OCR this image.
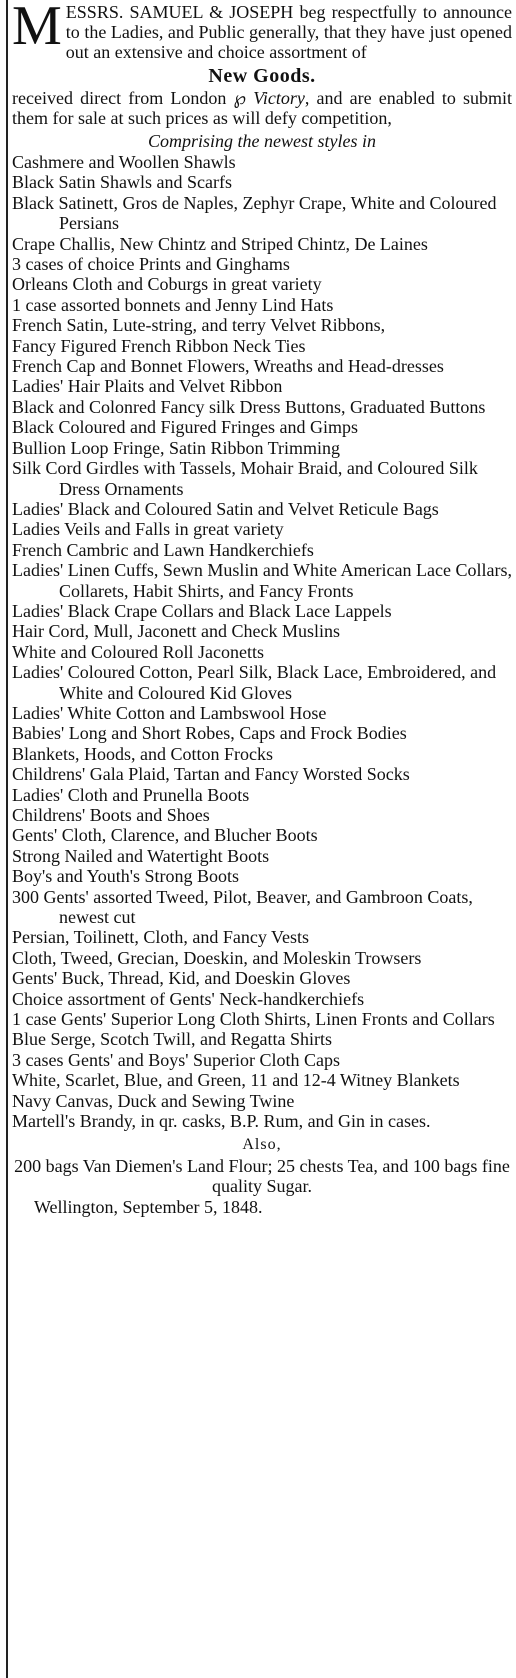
MESSRS. SAMUEL & JOSEPH beg respectfully to announce to the Ladies, and Public generally, that they have just opened out an extensive and choice assortment of
New Goods.
received direct from London ℘ Victory, and are enabled to submit them for sale at such prices as will defy competition,
Comprising the newest styles in
Cashmere and Woollen Shawls
Black Satin Shawls and Scarfs
Black Satinett, Gros de Naples, Zephyr Crape, White and Coloured Persians
Crape Challis, New Chintz and Striped Chintz, De Laines
3 cases of choice Prints and Ginghams
Orleans Cloth and Coburgs in great variety
1 case assorted bonnets and Jenny Lind Hats
French Satin, Lute-string, and terry Velvet Ribbons,
Fancy Figured French Ribbon Neck Ties
French Cap and Bonnet Flowers, Wreaths and Head-dresses
Ladies' Hair Plaits and Velvet Ribbon
Black and Colonred Fancy silk Dress Buttons, Graduated Buttons
Black Coloured and Figured Fringes and Gimps
Bullion Loop Fringe, Satin Ribbon Trimming
Silk Cord Girdles with Tassels, Mohair Braid, and Coloured Silk Dress Ornaments
Ladies' Black and Coloured Satin and Velvet Reticule Bags
Ladies Veils and Falls in great variety
French Cambric and Lawn Handkerchiefs
Ladies' Linen Cuffs, Sewn Muslin and White American Lace Collars, Collarets, Habit Shirts, and Fancy Fronts
Ladies' Black Crape Collars and Black Lace Lappels
Hair Cord, Mull, Jaconett and Check Muslins
White and Coloured Roll Jaconetts
Ladies' Coloured Cotton, Pearl Silk, Black Lace, Embroidered, and White and Coloured Kid Gloves
Ladies' White Cotton and Lambswool Hose
Babies' Long and Short Robes, Caps and Frock Bodies
Blankets, Hoods, and Cotton Frocks
Childrens' Gala Plaid, Tartan and Fancy Worsted Socks
Ladies' Cloth and Prunella Boots
Childrens' Boots and Shoes
Gents' Cloth, Clarence, and Blucher Boots
Strong Nailed and Watertight Boots
Boy's and Youth's Strong Boots
300 Gents' assorted Tweed, Pilot, Beaver, and Gambroon Coats, newest cut
Persian, Toilinett, Cloth, and Fancy Vests
Cloth, Tweed, Grecian, Doeskin, and Moleskin Trowsers
Gents' Buck, Thread, Kid, and Doeskin Gloves
Choice assortment of Gents' Neck-handkerchiefs
1 case Gents' Superior Long Cloth Shirts, Linen Fronts and Collars
Blue Serge, Scotch Twill, and Regatta Shirts
3 cases Gents' and Boys' Superior Cloth Caps
White, Scarlet, Blue, and Green, 11 and 12-4 Witney Blankets
Navy Canvas, Duck and Sewing Twine
Martell's Brandy, in qr. casks, B.P. Rum, and Gin in cases.
Also,
200 bags Van Diemen's Land Flour; 25 chests Tea, and 100 bags fine quality Sugar.
Wellington, September 5, 1848.
